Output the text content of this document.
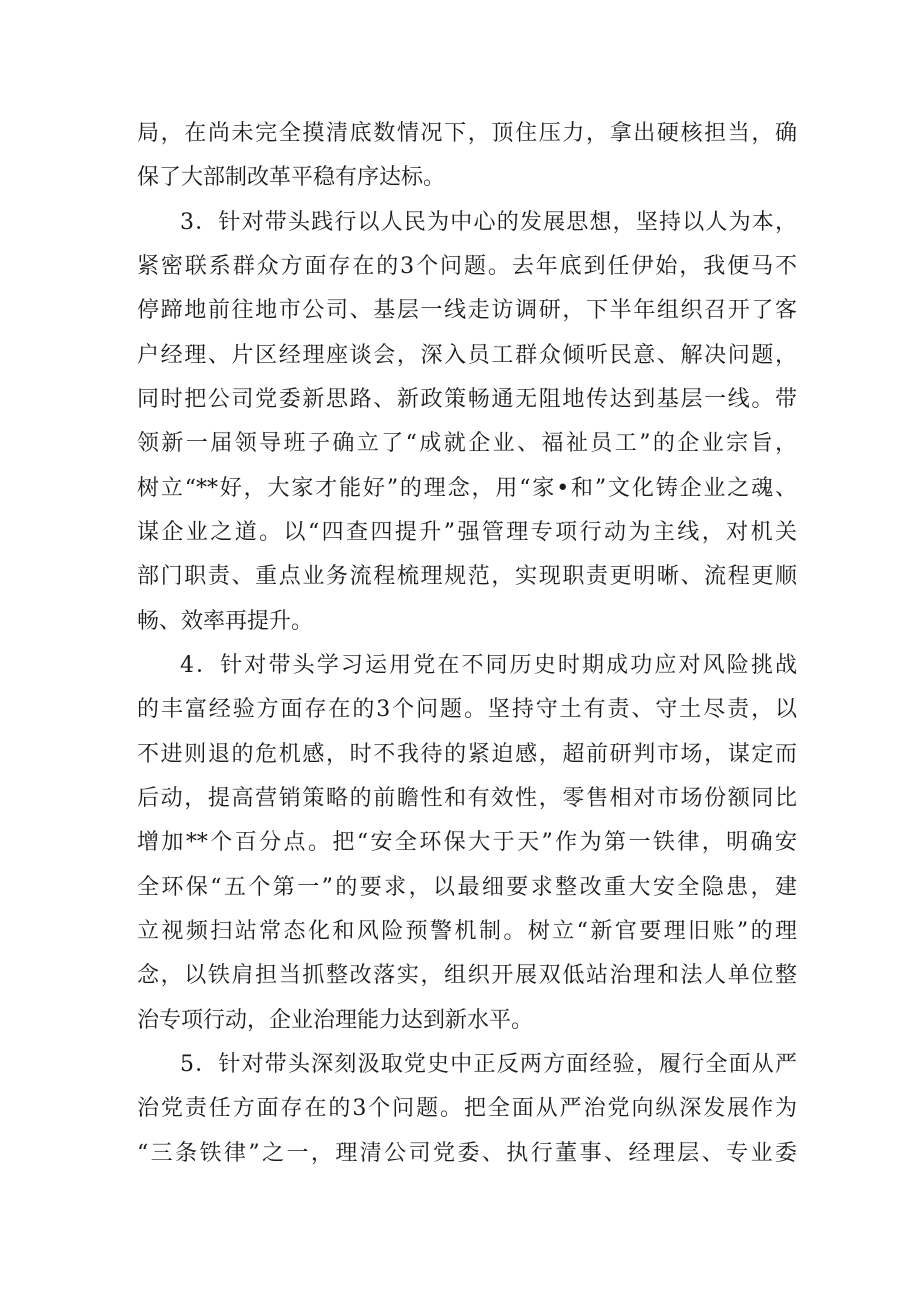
局，在尚未完全摸清底数情况下，顶住压力，拿出硬核担当，确
保了大部制改革平稳有序达标。
3．针对带头践行以人民为中心的发展思想，坚持以人为本，
紧密联系群众方面存在的3个问题。去年底到任伊始，我便马不
停蹄地前往地市公司、基层一线走访调研，下半年组织召开了客
户经理、片区经理座谈会，深入员工群众倾听民意、解决问题，
同时把公司党委新思路、新政策畅通无阻地传达到基层一线。带
领新一届领导班子确立了“成就企业、福祉员工”的企业宗旨，
树立“**好，大家才能好”的理念，用“家•和”文化铸企业之魂、
谋企业之道。以“四查四提升”强管理专项行动为主线，对机关
部门职责、重点业务流程梳理规范，实现职责更明晰、流程更顺
畅、效率再提升。
4．针对带头学习运用党在不同历史时期成功应对风险挑战
的丰富经验方面存在的3个问题。坚持守土有责、守土尽责，以
不进则退的危机感，时不我待的紧迫感，超前研判市场，谋定而
后动，提高营销策略的前瞻性和有效性，零售相对市场份额同比
增加**个百分点。把“安全环保大于天”作为第一铁律，明确安
全环保“五个第一”的要求，以最细要求整改重大安全隐患，建
立视频扫站常态化和风险预警机制。树立“新官要理旧账”的理
念，以铁肩担当抓整改落实，组织开展双低站治理和法人单位整
治专项行动，企业治理能力达到新水平。
5．针对带头深刻汲取党史中正反两方面经验，履行全面从严
治党责任方面存在的3个问题。把全面从严治党向纵深发展作为
“三条铁律”之一，理清公司党委、执行董事、经理层、专业委
